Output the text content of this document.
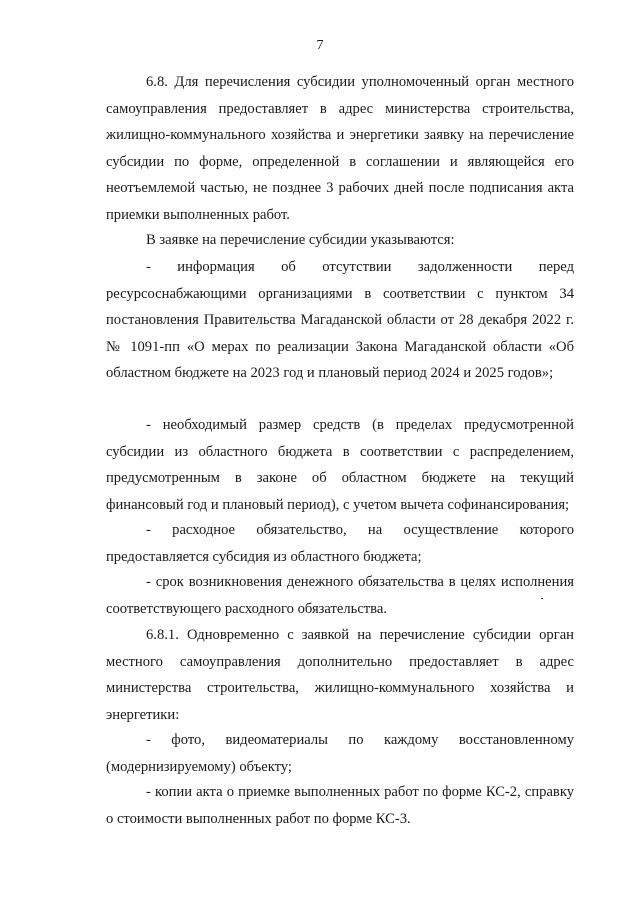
7

6.8. Для перечисления субсидии уполномоченный орган местного самоуправления предоставляет в адрес министерства строительства, жилищно-коммунального хозяйства и энергетики заявку на перечисление субсидии по форме, определенной в соглашении и являющейся его неотъемлемой частью, не позднее 3 рабочих дней после подписания акта приемки выполненных работ.

В заявке на перечисление субсидии указываются:

- информация об отсутствии задолженности перед ресурсоснабжающими организациями в соответствии с пунктом 34 постановления Правительства Магаданской области от 28 декабря 2022 г. № 1091-пп «О мерах по реализации Закона Магаданской области «Об областном бюджете на 2023 год и плановый период 2024 и 2025 годов»;

- необходимый размер средств (в пределах предусмотренной субсидии из областного бюджета в соответствии с распределением, предусмотренным в законе об областном бюджете на текущий финансовый год и плановый период), с учетом вычета софинансирования;

- расходное обязательство, на осуществление которого предоставляется субсидия из областного бюджета;

- срок возникновения денежного обязательства в целях исполнения соответствующего расходного обязательства.

6.8.1. Одновременно с заявкой на перечисление субсидии орган местного самоуправления дополнительно предоставляет в адрес министерства строительства, жилищно-коммунального хозяйства и энергетики:

- фото, видеоматериалы по каждому восстановленному (модернизируемому) объекту;

- копии акта о приемке выполненных работ по форме КС-2, справку о стоимости выполненных работ по форме КС-3.
